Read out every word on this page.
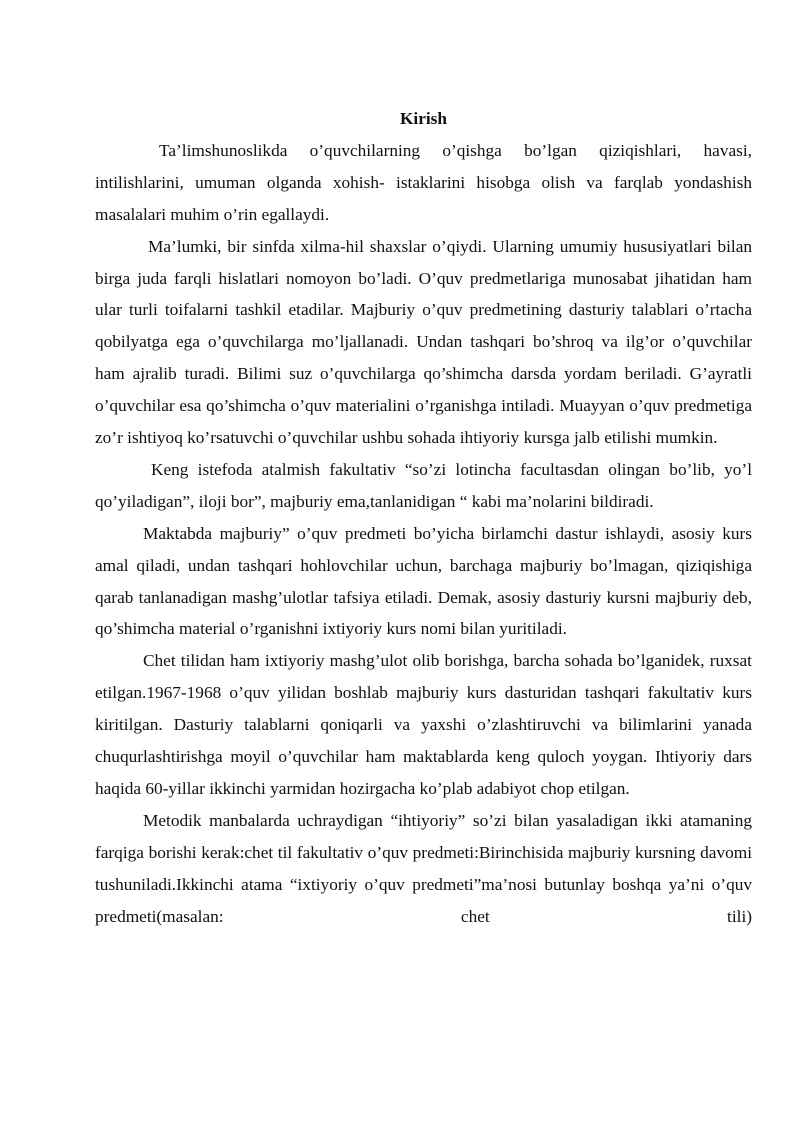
Kirish

Ta’limshunoslikda o’quvchilarning o’qishga bo’lgan qiziqishlari, havasi, intilishlarini, umuman olganda xohish- istaklarini hisobga olish va farqlab yondashish masalalari muhim o’rin egallaydi.

Ma’lumki, bir sinfda xilma-hil shaxslar o’qiydi. Ularning umumiy hususiyatlari bilan birga juda farqli hislatlari nomoyon bo’ladi. O’quv predmetlariga munosabat jihatidan ham ular turli toifalarni tashkil etadilar. Majburiy o’quv predmetining dasturiy talablari o’rtacha qobilyatga ega o’quvchilarga mo’ljallanadi. Undan tashqari bo’shroq va ilg’or o’quvchilar ham ajralib turadi. Bilimi suz o’quvchilarga qo’shimcha darsda yordam beriladi. G’ayratli o’quvchilar esa qo’shimcha o’quv materialini o’rganishga intiladi. Muayyan o’quv predmetiga zo’r ishtiyoq ko’rsatuvchi o’quvchilar ushbu sohada ihtiyoriy kursga jalb etilishi mumkin.

Keng istefoda atalmish fakultativ “so’zi lotincha facultasdan olingan bo’lib, yo’l qo’yiladigan”, iloji bor”, majburiy ema,tanlanidigan “ kabi ma’nolarini bildiradi.

Maktabda majburiy” o’quv predmeti bo’yicha birlamchi dastur ishlaydi, asosiy kurs amal qiladi, undan tashqari hohlovchilar uchun, barchaga majburiy bo’lmagan, qiziqishiga qarab tanlanadigan mashg’ulotlar tafsiya etiladi. Demak, asosiy dasturiy kursni majburiy deb, qo’shimcha material o’rganishni ixtiyoriy kurs nomi bilan yuritiladi.

Chet tilidan ham ixtiyoriy mashg’ulot olib borishga, barcha sohada bo’lganidek, ruxsat etilgan.1967-1968 o’quv yilidan boshlab majburiy kurs dasturidan tashqari fakultativ kurs kiritilgan. Dasturiy talablarni qoniqarli va yaxshi o’zlashtiruvchi va bilimlarini yanada chuqurlashtirishga moyil o’quvchilar ham maktablarda keng quloch yoygan. Ihtiyoriy dars haqida 60-yillar ikkinchi yarmidan hozirgacha ko’plab adabiyot chop etilgan.

Metodik manbalarda uchraydigan “ihtiyoriy” so’zi bilan yasaladigan ikki atamaning farqiga borishi kerak:chet til fakultativ o’quv predmeti:Birinchisida majburiy kursning davomi tushuniladi.Ikkinchi atama “ixtiyoriy o’quv predmeti”ma’nosi butunlay boshqa ya’ni o’quv predmeti(masalan: chet tili)
